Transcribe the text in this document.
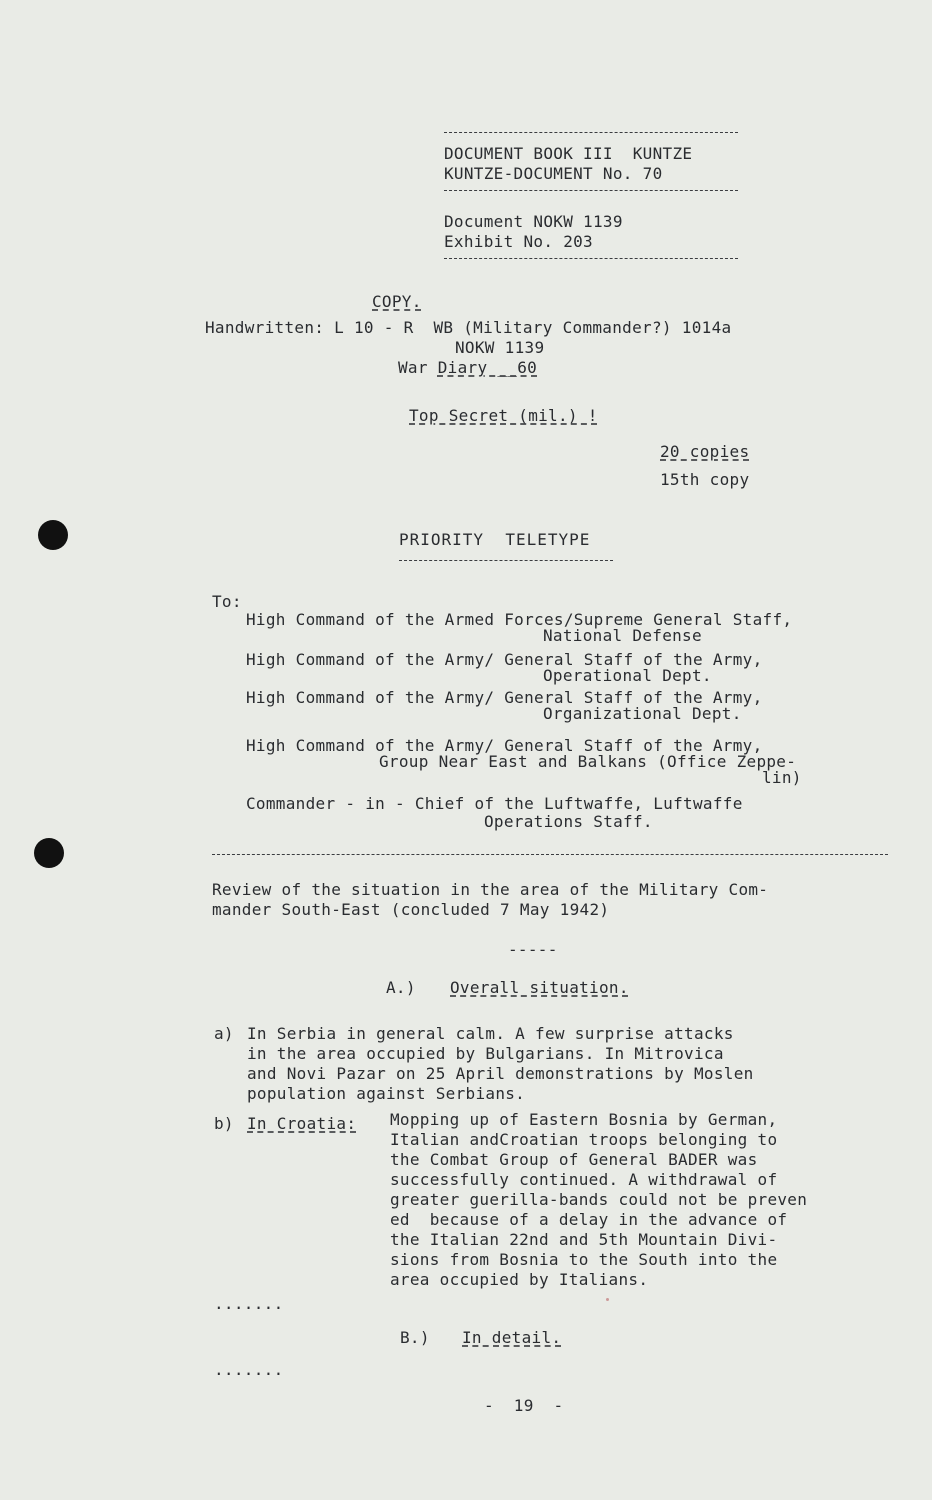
DOCUMENT BOOK III  KUNTZE
KUNTZE-DOCUMENT No. 70
Document NOKW 1139
Exhibit No. 203
COPY.
Handwritten: L 10 - R  WB (Military Commander?) 1014a
NOKW 1139
War Diary __60
Top Secret (mil.) !
20 copies
15th copy
PRIORITY  TELETYPE
To:
High Command of the Armed Forces/Supreme General Staff,
National Defense
High Command of the Army/ General Staff of the Army,
Operational Dept.
High Command of the Army/ General Staff of the Army,
Organizational Dept.
High Command of the Army/ General Staff of the Army,
Group Near East and Balkans (Office Zeppe-
lin)
Commander - in - Chief of the Luftwaffe, Luftwaffe
Operations Staff.
Review of the situation in the area of the Military Com-
mander South-East (concluded 7 May 1942)
-----
A.) Overall situation.
a) In Serbia in general calm. A few surprise attacks
in the area occupied by Bulgarians. In Mitrovica
and Novi Pazar on 25 April demonstrations by Moslen
population against Serbians.
b) In Croatia: Mopping up of Eastern Bosnia by German,
Italian andCroatian troops belonging to
the Combat Group of General BADER was
successfully continued. A withdrawal of
greater guerilla-bands could not be preven
ed  because of a delay in the advance of
the Italian 22nd and 5th Mountain Divi-
sions from Bosnia to the South into the
area occupied by Italians.
.......
B.) In detail.
.......
-  19  -
